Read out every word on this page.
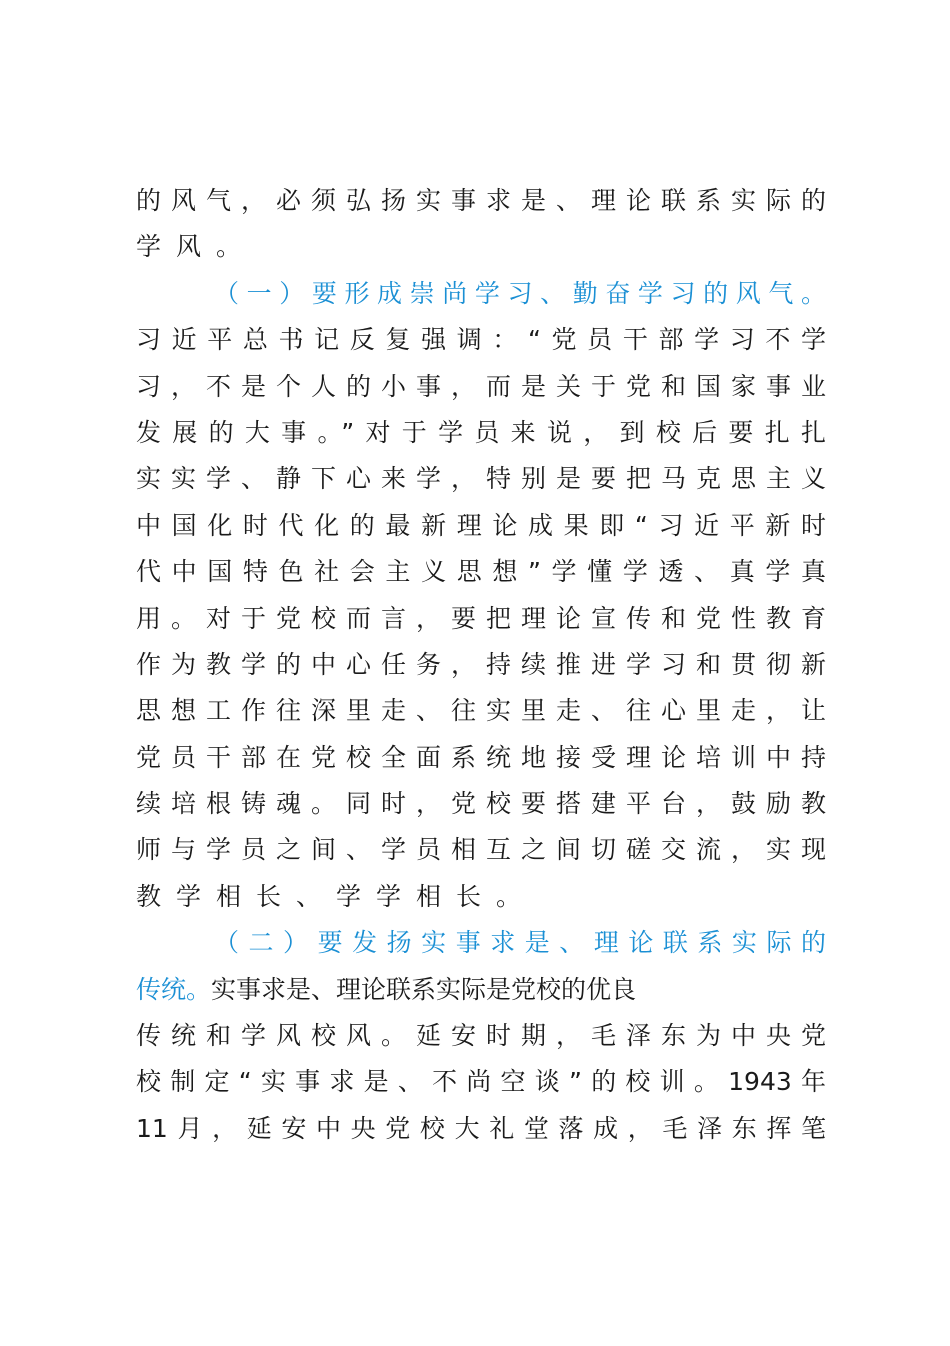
的风气，必须弘扬实事求是、理论联系实际的
学风。
（一）要形成崇尚学习、勤奋学习的风气。
习近平总书记反复强调：“党员干部学习不学
习，不是个人的小事，而是关于党和国家事业
发展的大事。”对于学员来说，到校后要扎扎
实实学、静下心来学，特别是要把马克思主义
中国化时代化的最新理论成果即“习近平新时
代中国特色社会主义思想”学懂学透、真学真
用。对于党校而言，要把理论宣传和党性教育
作为教学的中心任务，持续推进学习和贯彻新
思想工作往深里走、往实里走、往心里走，让
党员干部在党校全面系统地接受理论培训中持
续培根铸魂。同时，党校要搭建平台，鼓励教
师与学员之间、学员相互之间切磋交流，实现
教学相长、学学相长。
（二）要发扬实事求是、理论联系实际的
传统。实事求是、理论联系实际是党校的优良
传统和学风校风。延安时期，毛泽东为中央党
校制定“实事求是、不尚空谈”的校训。1943年
11月，延安中央党校大礼堂落成，毛泽东挥笔
